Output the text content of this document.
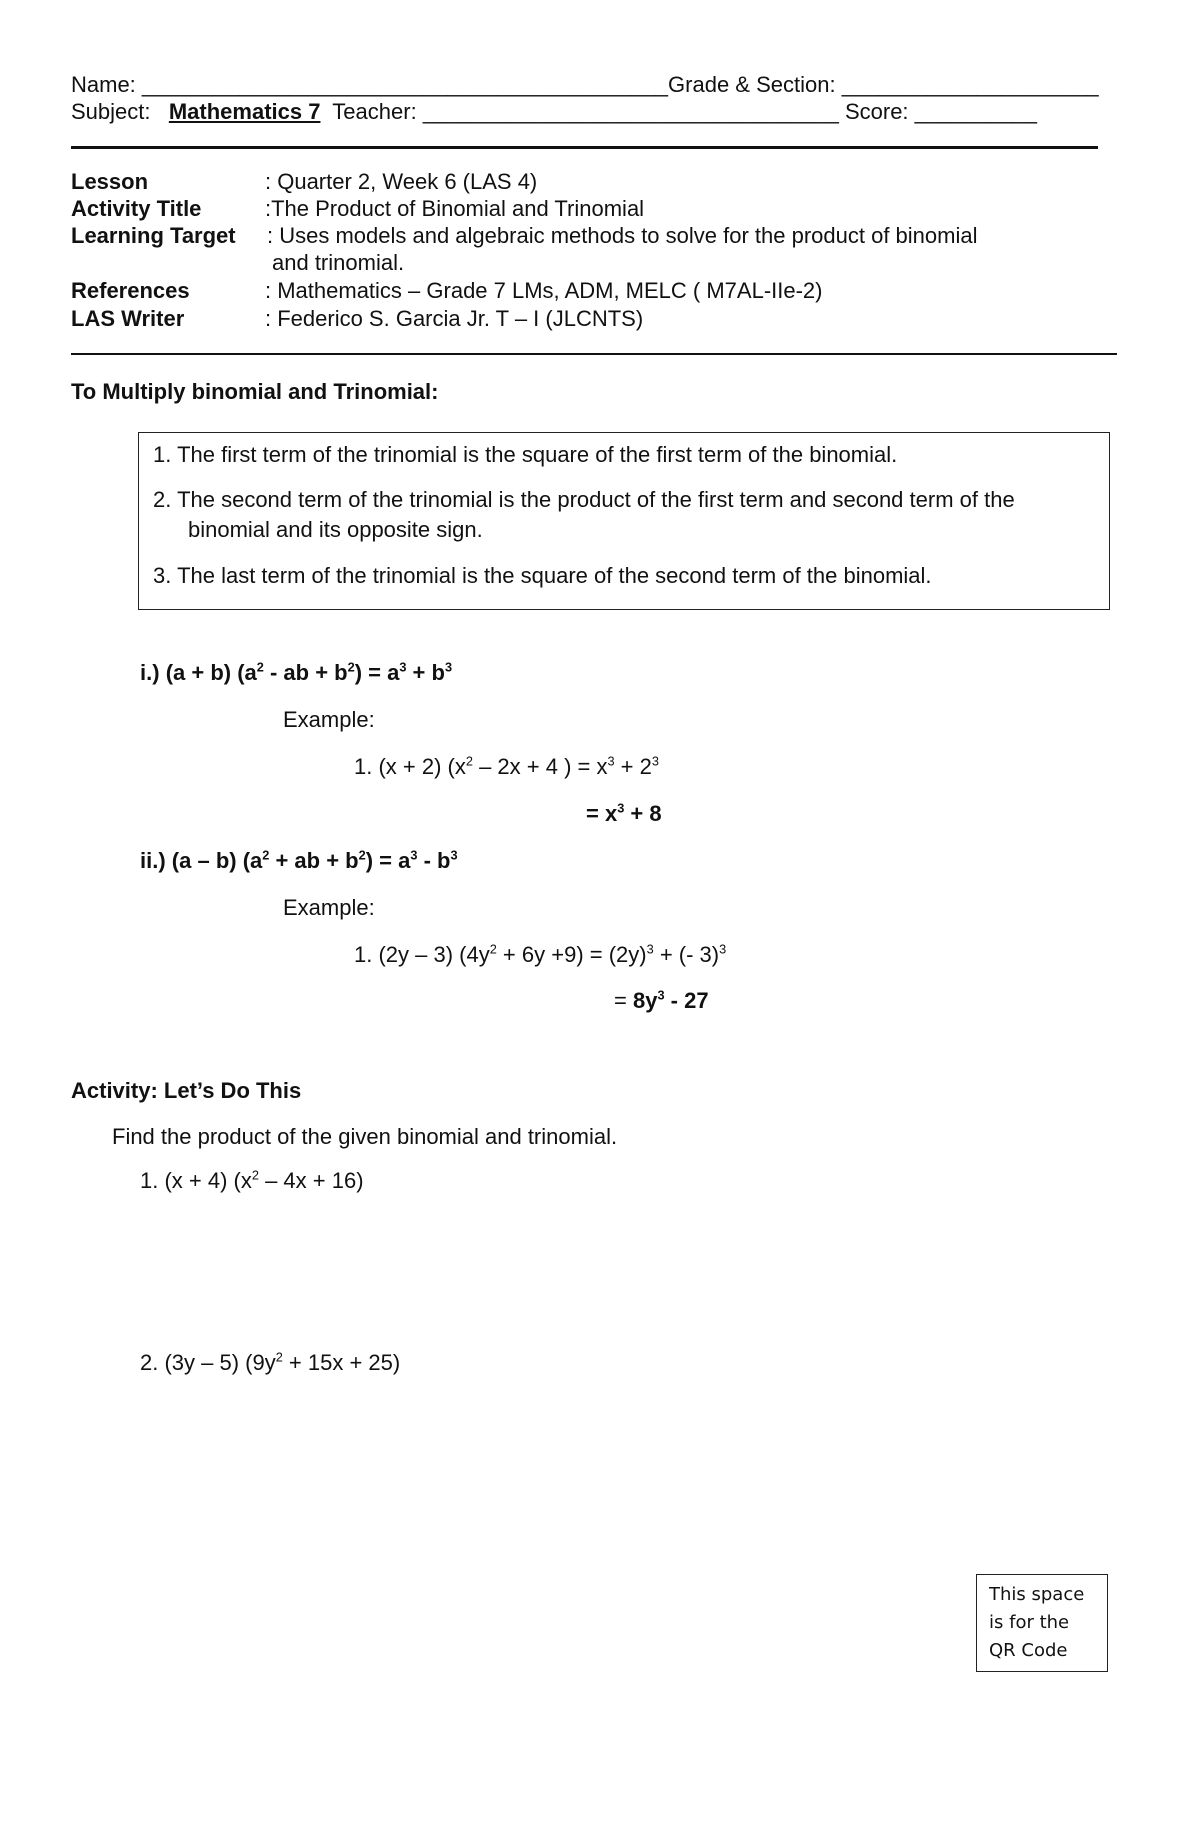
Name: ___________________________________________Grade & Section: _____________________
Subject: Mathematics 7 Teacher: __________________________________ Score: __________
Lesson	: Quarter 2, Week 6 (LAS 4)
Activity Title	:The Product of Binomial and Trinomial
Learning Target : Uses models and algebraic methods to solve for the product of binomial
and trinomial.
References	: Mathematics – Grade 7 LMs, ADM, MELC ( M7AL-IIe-2)
LAS Writer	: Federico S. Garcia Jr. T – I (JLCNTS)
To Multiply binomial and Trinomial:
1. The first term of the trinomial is the square of the first term of the binomial.
2. The second term of the trinomial is the product of the first term and second term of the
binomial and its opposite sign.
3. The last term of the trinomial is the square of the second term of the binomial.
i.) (a + b) ($a^2$ - ab + $b^2) = a^3 + b^3$
Example:
1. (x + 2) ($x^2 - 2x + 4$ ) = $x^3 + 2^3$
= $x^3 + 8$
ii.) (a – b) ($a^2$ + ab + $b^2) = a^3 - b^3$
Example:
1. (2y – 3) $(4y^2 + 6y +9) = (2y)^3$ + (- 3)$^3$
= $8y^3 - 27$
Activity: Let’s Do This
Find the product of the given binomial and trinomial.
1. (x + 4) $(x^2 - 4x + 16)$
2. (3y – 5) $(9y^2 + 15x + 25)$
This space
is for the
QR Code
